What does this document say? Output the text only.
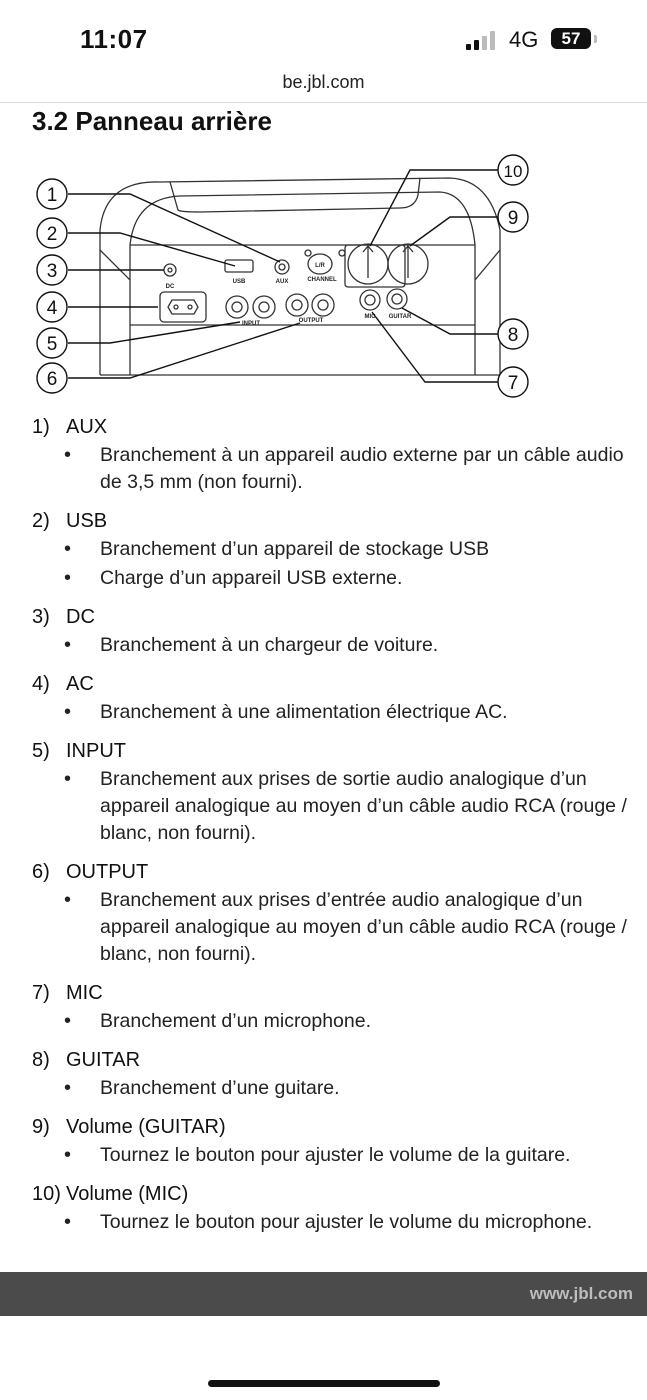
11:07	4G	57
be.jbl.com
3.2 Panneau arrière
DC
USB	AUX
L/R
CHANNEL
INPUT	OUTPUT
MIC GUITAR
1
2
3
4
5
6	7
8
9
10
1) AUX
• Branchement à un appareil audio externe par un câble audio de 3,5 mm (non fourni).
2) USB
• Branchement d’un appareil de stockage USB
• Charge d’un appareil USB externe.
3) DC
• Branchement à un chargeur de voiture.
4) AC
• Branchement à une alimentation électrique AC.
5) INPUT
• Branchement aux prises de sortie audio analogique d’un appareil analogique au moyen d’un câble audio RCA (rouge / blanc, non fourni).
6) OUTPUT
• Branchement aux prises d’entrée audio analogique d’un appareil analogique au moyen d’un câble audio RCA (rouge / blanc, non fourni).
7) MIC
• Branchement d’un microphone.
8) GUITAR
• Branchement d’une guitare.
9) Volume (GUITAR)
• Tournez le bouton pour ajuster le volume de la guitare.
10) Volume (MIC)
• Tournez le bouton pour ajuster le volume du microphone.
www.jbl.com
